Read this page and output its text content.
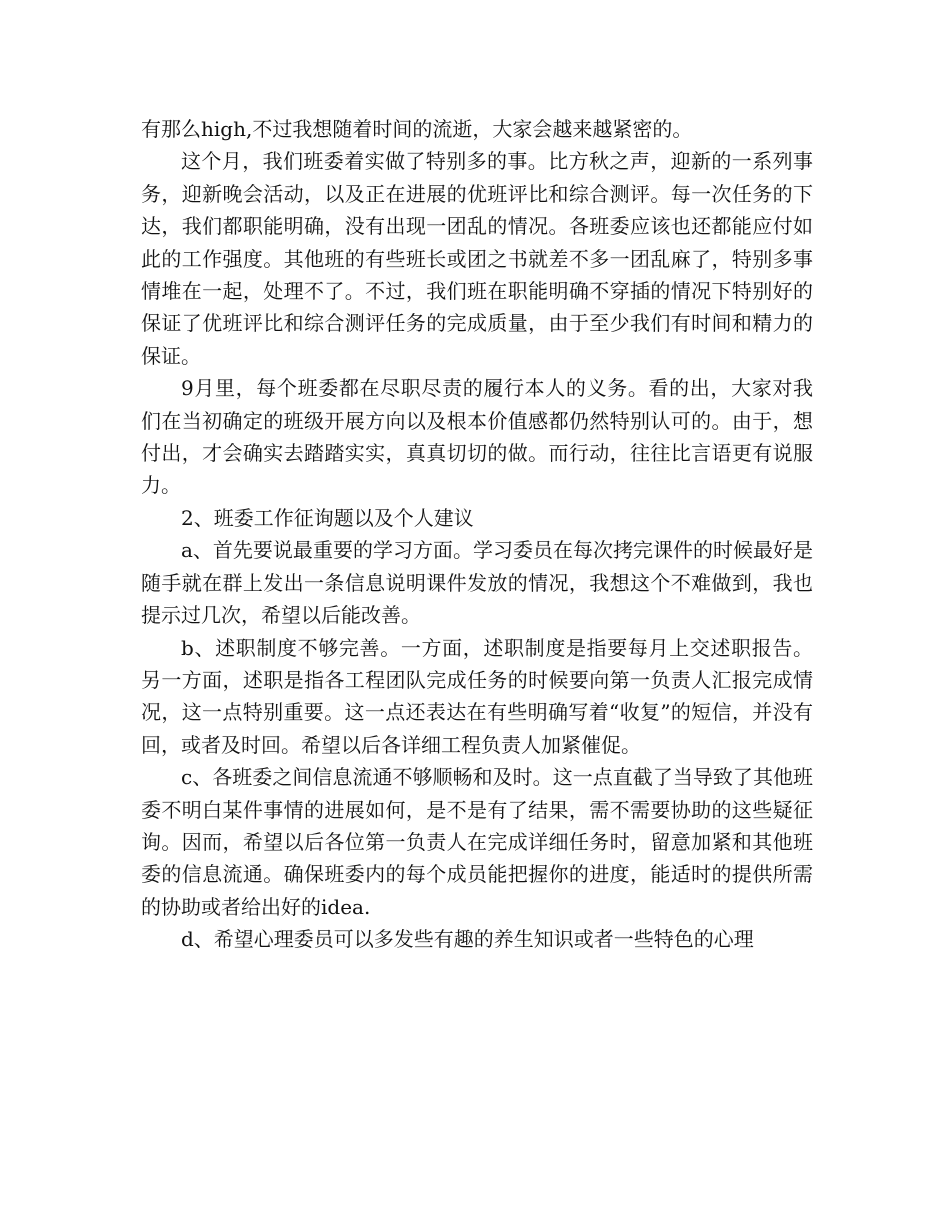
有那么high,不过我想随着时间的流逝，大家会越来越紧密的。

这个月，我们班委着实做了特别多的事。比方秋之声，迎新的一系列事务，迎新晚会活动，以及正在进展的优班评比和综合测评。每一次任务的下达，我们都职能明确，没有出现一团乱的情况。各班委应该也还都能应付如此的工作强度。其他班的有些班长或团之书就差不多一团乱麻了，特别多事情堆在一起，处理不了。不过，我们班在职能明确不穿插的情况下特别好的保证了优班评比和综合测评任务的完成质量，由于至少我们有时间和精力的保证。

9月里，每个班委都在尽职尽责的履行本人的义务。看的出，大家对我们在当初确定的班级开展方向以及根本价值感都仍然特别认可的。由于，想付出，才会确实去踏踏实实，真真切切的做。而行动，往往比言语更有说服力。

2、班委工作征询题以及个人建议

a、首先要说最重要的学习方面。学习委员在每次拷完课件的时候最好是随手就在群上发出一条信息说明课件发放的情况，我想这个不难做到，我也提示过几次，希望以后能改善。

b、述职制度不够完善。一方面，述职制度是指要每月上交述职报告。另一方面，述职是指各工程团队完成任务的时候要向第一负责人汇报完成情况，这一点特别重要。这一点还表达在有些明确写着“收复”的短信，并没有回，或者及时回。希望以后各详细工程负责人加紧催促。

c、各班委之间信息流通不够顺畅和及时。这一点直截了当导致了其他班委不明白某件事情的进展如何，是不是有了结果，需不需要协助的这些疑征询。因而，希望以后各位第一负责人在完成详细任务时，留意加紧和其他班委的信息流通。确保班委内的每个成员能把握你的进度，能适时的提供所需的协助或者给出好的idea.

d、希望心理委员可以多发些有趣的养生知识或者一些特色的心理
